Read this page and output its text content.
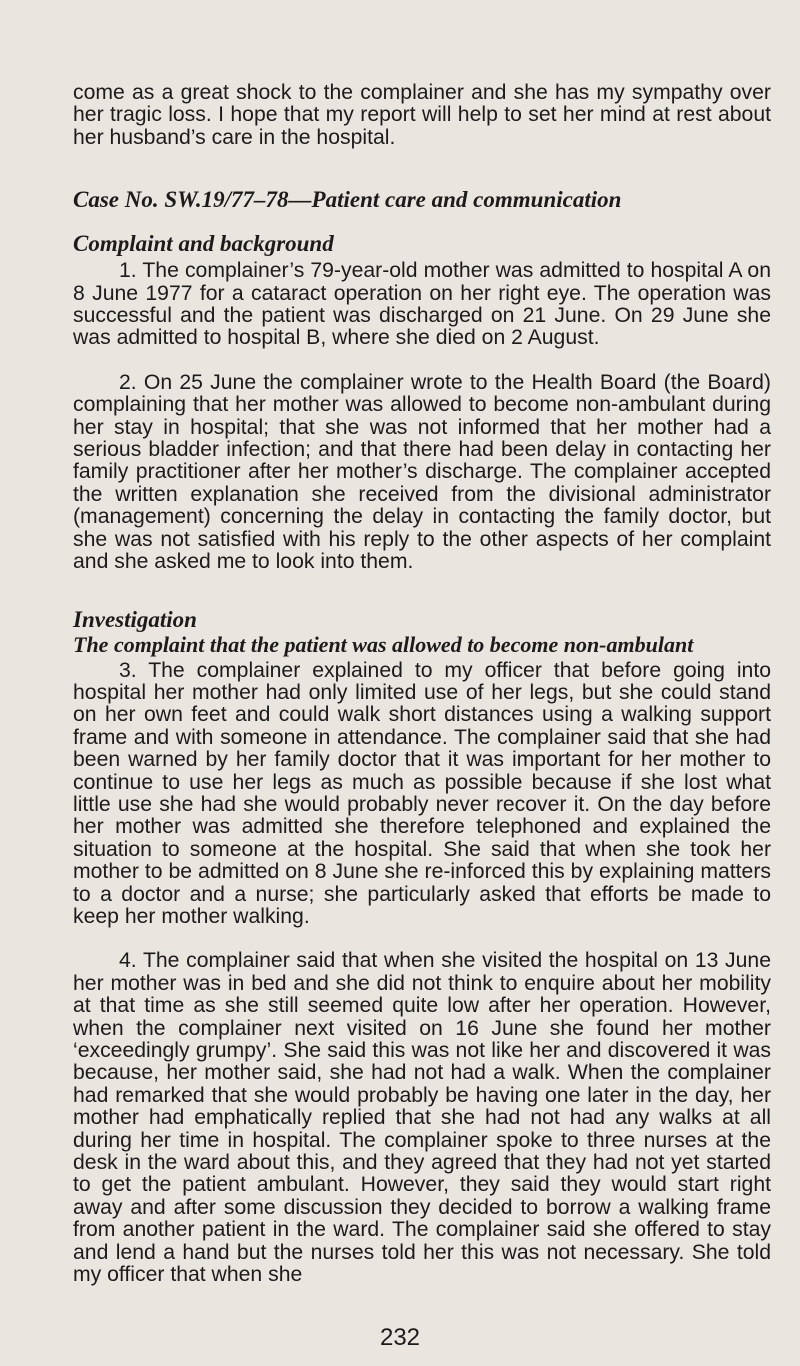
come as a great shock to the complainer and she has my sympathy over her tragic loss. I hope that my report will help to set her mind at rest about her husband’s care in the hospital.

Case No. SW.19/77–78—Patient care and communication
Complaint and background

1. The complainer’s 79-year-old mother was admitted to hospital A on 8 June 1977 for a cataract operation on her right eye. The operation was successful and the patient was discharged on 21 June. On 29 June she was admitted to hospital B, where she died on 2 August.

2. On 25 June the complainer wrote to the Health Board (the Board) complaining that her mother was allowed to become non-ambulant during her stay in hospital; that she was not informed that her mother had a serious bladder infection; and that there had been delay in contacting her family practitioner after her mother’s discharge. The complainer accepted the written explanation she received from the divisional administrator (management) concerning the delay in contacting the family doctor, but she was not satisfied with his reply to the other aspects of her complaint and she asked me to look into them.

Investigation
The complaint that the patient was allowed to become non-ambulant

3. The complainer explained to my officer that before going into hospital her mother had only limited use of her legs, but she could stand on her own feet and could walk short distances using a walking support frame and with someone in attendance. The complainer said that she had been warned by her family doctor that it was important for her mother to continue to use her legs as much as possible because if she lost what little use she had she would probably never recover it. On the day before her mother was admitted she therefore telephoned and explained the situation to someone at the hospital. She said that when she took her mother to be admitted on 8 June she re-inforced this by explaining matters to a doctor and a nurse; she particularly asked that efforts be made to keep her mother walking.

4. The complainer said that when she visited the hospital on 13 June her mother was in bed and she did not think to enquire about her mobility at that time as she still seemed quite low after her operation. However, when the complainer next visited on 16 June she found her mother ‘exceedingly grumpy’. She said this was not like her and discovered it was because, her mother said, she had not had a walk. When the complainer had remarked that she would probably be having one later in the day, her mother had emphatically replied that she had not had any walks at all during her time in hospital. The complainer spoke to three nurses at the desk in the ward about this, and they agreed that they had not yet started to get the patient ambulant. However, they said they would start right away and after some discussion they decided to borrow a walking frame from another patient in the ward. The complainer said she offered to stay and lend a hand but the nurses told her this was not necessary. She told my officer that when she

232
